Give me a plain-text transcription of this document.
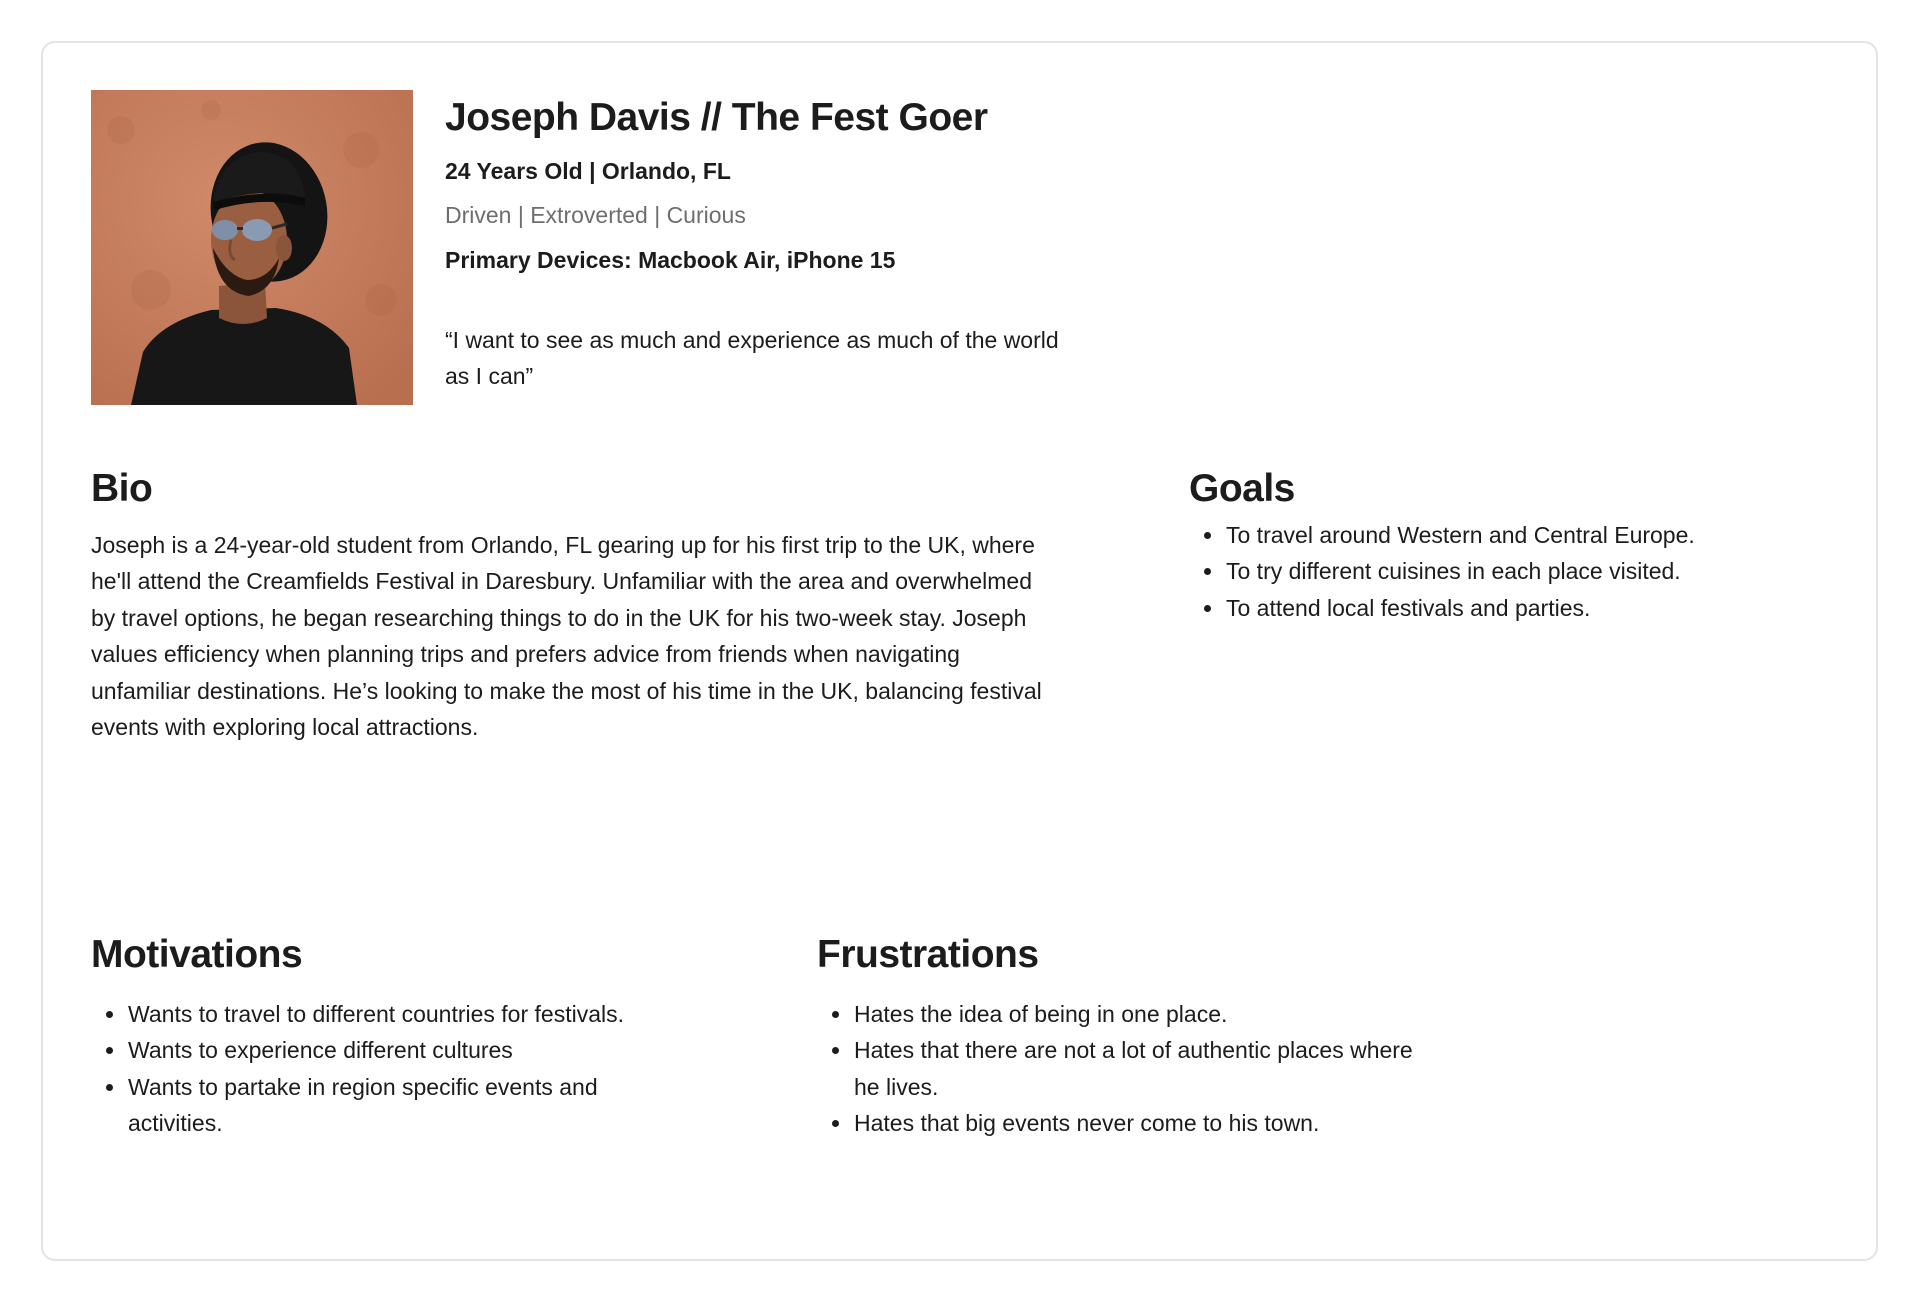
Joseph Davis // The Fest Goer
24 Years Old | Orlando, FL
Driven | Extroverted | Curious
Primary Devices: Macbook Air, iPhone 15
“I want to see as much and experience as much of the world as I can”
Bio
Joseph is a 24-year-old student from Orlando, FL gearing up for his first trip to the UK, where he'll attend the Creamfields Festival in Daresbury. Unfamiliar with the area and overwhelmed by travel options, he began researching things to do in the UK for his two-week stay. Joseph values efficiency when planning trips and prefers advice from friends when navigating unfamiliar destinations. He’s looking to make the most of his time in the UK, balancing festival events with exploring local attractions.
Goals
• To travel around Western and Central Europe.
• To try different cuisines in each place visited.
• To attend local festivals and parties.
Motivations
• Wants to travel to different countries for festivals.
• Wants to experience different cultures
• Wants to partake in region specific events and activities.
Frustrations
• Hates the idea of being in one place.
• Hates that there are not a lot of authentic places where he lives.
• Hates that big events never come to his town.
